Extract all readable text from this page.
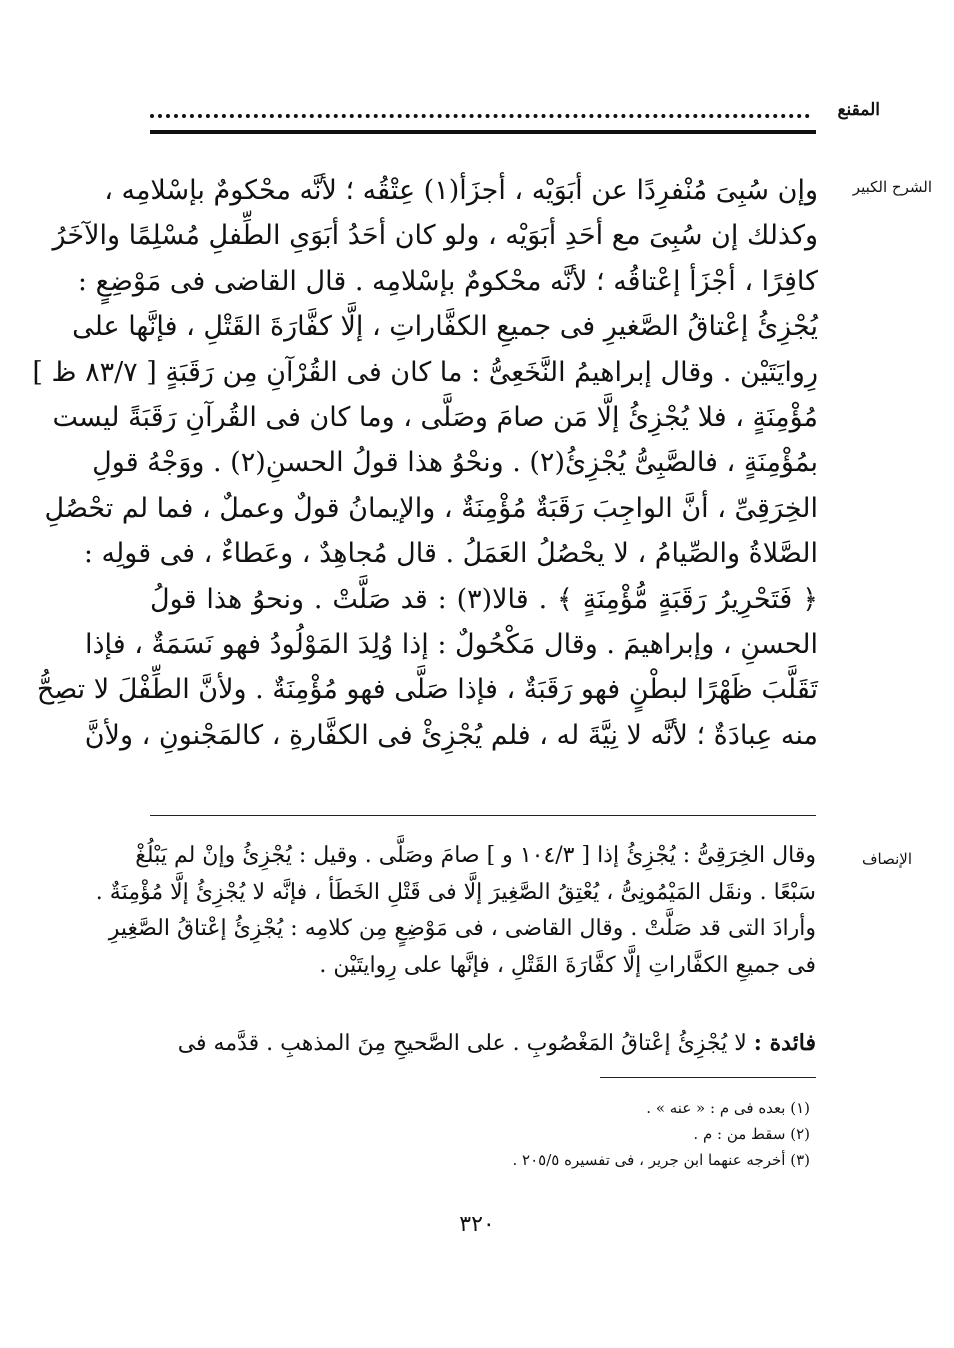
المقنع
الشرح الكبير
الإنصاف
وإن سُبِىَ مُنْفرِدًا عن أبَوَيْه ، أجزَأ(١) عِتْقُه ؛ لأنَّه محْكومٌ بإسْلامِه ،
وكذلك إن سُبِىَ مع أحَدِ أبَوَيْه ، ولو كان أحَدُ أبَوَىِ الطِّفلِ مُسْلِمًا والآخَرُ
كافِرًا ، أجْزَأ إعْتاقُه ؛ لأنَّه محْكومٌ بإسْلامِه . قال القاضى فى مَوْضِعٍ :
يُجْزِئُ إعْتاقُ الصَّغيرِ فى جميعِ الكفَّاراتِ ، إلَّا كفَّارَةَ القَتْلِ ، فإنَّها على
رِوايَتَيْن . وقال إبراهيمُ النَّخَعِىُّ : ما كان فى القُرْآنِ مِن رَقَبَةٍ [ ٨٣/٧ ظ ]
مُؤْمِنَةٍ ، فلا يُجْزِئُ إلَّا مَن صامَ وصَلَّى ، وما كان فى القُرآنِ رَقَبَةً ليست
بمُؤْمِنَةٍ ، فالصَّبِىُّ يُجْزِئُ(٢) . ونحْوُ هذا قولُ الحسنِ(٢) . ووَجْهُ قولِ
الخِرَقِىِّ ، أنَّ الواجِبَ رَقَبَةٌ مُؤْمِنَةٌ ، والإيمانُ قولٌ وعملٌ ، فما لم تحْصُلِ
الصَّلاةُ والصِّيامُ ، لا يحْصُلُ العَمَلُ . قال مُجاهِدٌ ، وعَطاءٌ ، فى قولِه :
﴿ فَتَحْرِيرُ رَقَبَةٍ مُّؤْمِنَةٍ ﴾ . قالا(٣) : قد صَلَّتْ . ونحوُ هذا قولُ
الحسنِ ، وإبراهيمَ . وقال مَكْحُولٌ : إذا وُلِدَ المَوْلُودُ فهو نَسَمَةٌ ، فإذا
تَقَلَّبَ ظَهْرًا لبطْنٍ فهو رَقَبَةٌ ، فإذا صَلَّى فهو مُؤْمِنَةٌ . ولأنَّ الطِّفْلَ لا تصِحُّ
منه عِبادَةٌ ؛ لأنَّه لا نِيَّةَ له ، فلم يُجْزِئْ فى الكفَّارةِ ، كالمَجْنونِ ، ولأنَّ
وقال الخِرَقِىُّ : يُجْزِئُ إذا [ ١٠٤/٣ و ] صامَ وصَلَّى . وقيل : يُجْزِئُ وإنْ لم يَبْلُغْ
سَبْعًا . ونقَل المَيْمُونِىُّ ، يُعْتِقُ الصَّغِيرَ إلَّا فى قَتْلِ الخَطَأ ، فإنَّه لا يُجْزِئُ إلَّا مُؤْمِنَةٌ .
وأرادَ التى قد صَلَّتْ . وقال القاضى ، فى مَوْضِعٍ مِن كلامِه : يُجْزِئُ إعْتاقُ الصَّغِيرِ
فى جميعِ الكفَّاراتِ إلَّا كفَّارَةَ القَتْلِ ، فإنَّها على رِوايتَيْن .
فائدة : لا يُجْزِئُ إعْتاقُ المَغْصُوبِ . على الصَّحيحِ مِنَ المذهبِ . قدَّمه فى
(١) بعده فى م : « عنه » .
(٢) سقط من : م .
(٣) أخرجه عنهما ابن جرير ، فى تفسيره ٢٠٥/٥ .
٣٢٠
